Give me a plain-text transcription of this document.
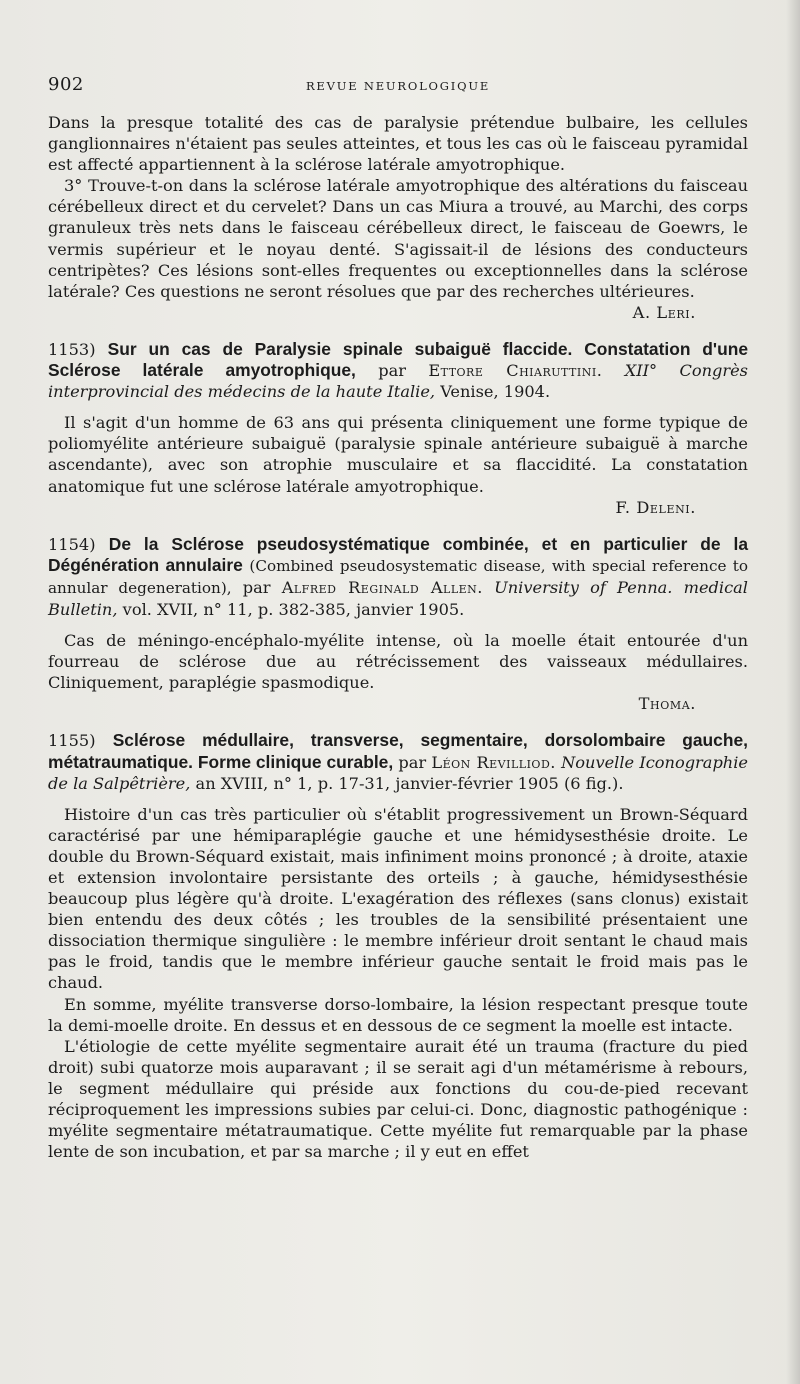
902	REVUE NEUROLOGIQUE

Dans la presque totalité des cas de paralysie prétendue bulbaire, les cellules ganglionnaires n'étaient pas seules atteintes, et tous les cas où le faisceau pyramidal est affecté appartiennent à la sclérose latérale amyotrophique.

3° Trouve-t-on dans la sclérose latérale amyotrophique des altérations du faisceau cérébelleux direct et du cervelet? Dans un cas Miura a trouvé, au Marchi, des corps granuleux très nets dans le faisceau cérébelleux direct, le faisceau de Goewrs, le vermis supérieur et le noyau denté. S'agissait-il de lésions des conducteurs centripètes? Ces lésions sont-elles frequentes ou exceptionnelles dans la sclérose latérale? Ces questions ne seront résolues que par des recherches ultérieures.

A. Leri.

1153) Sur un cas de Paralysie spinale subaiguë flaccide. Constatation d'une Sclérose latérale amyotrophique, par Ettore Chiaruttini. XII° Congrès interprovincial des médecins de la haute Italie, Venise, 1904.

Il s'agit d'un homme de 63 ans qui présenta cliniquement une forme typique de poliomyélite antérieure subaiguë (paralysie spinale antérieure subaiguë à marche ascendante), avec son atrophie musculaire et sa flaccidité. La constatation anatomique fut une sclérose latérale amyotrophique.

F. Deleni.

1154) De la Sclérose pseudosystématique combinée, et en particulier de la Dégénération annulaire (Combined pseudosystematic disease, with special reference to annular degeneration), par Alfred Reginald Allen. University of Penna. medical Bulletin, vol. XVII, n° 11, p. 382-385, janvier 1905.

Cas de méningo-encéphalo-myélite intense, où la moelle était entourée d'un fourreau de sclérose due au rétrécissement des vaisseaux médullaires. Cliniquement, paraplégie spasmodique.

Thoma.

1155) Sclérose médullaire, transverse, segmentaire, dorsolombaire gauche, métatraumatique. Forme clinique curable, par Léon Revilliod. Nouvelle Iconographie de la Salpêtrière, an XVIII, n° 1, p. 17-31, janvier-février 1905 (6 fig.).

Histoire d'un cas très particulier où s'établit progressivement un Brown-Séquard caractérisé par une hémiparaplégie gauche et une hémidysesthésie droite. Le double du Brown-Séquard existait, mais infiniment moins prononcé ; à droite, ataxie et extension involontaire persistante des orteils ; à gauche, hémidysesthésie beaucoup plus légère qu'à droite. L'exagération des réflexes (sans clonus) existait bien entendu des deux côtés ; les troubles de la sensibilité présentaient une dissociation thermique singulière : le membre inférieur droit sentant le chaud mais pas le froid, tandis que le membre inférieur gauche sentait le froid mais pas le chaud.

En somme, myélite transverse dorso-lombaire, la lésion respectant presque toute la demi-moelle droite. En dessus et en dessous de ce segment la moelle est intacte.

L'étiologie de cette myélite segmentaire aurait été un trauma (fracture du pied droit) subi quatorze mois auparavant ; il se serait agi d'un métamérisme à rebours, le segment médullaire qui préside aux fonctions du cou-de-pied recevant réciproquement les impressions subies par celui-ci. Donc, diagnostic pathogénique : myélite segmentaire métatraumatique. Cette myélite fut remarquable par la phase lente de son incubation, et par sa marche ; il y eut en effet
